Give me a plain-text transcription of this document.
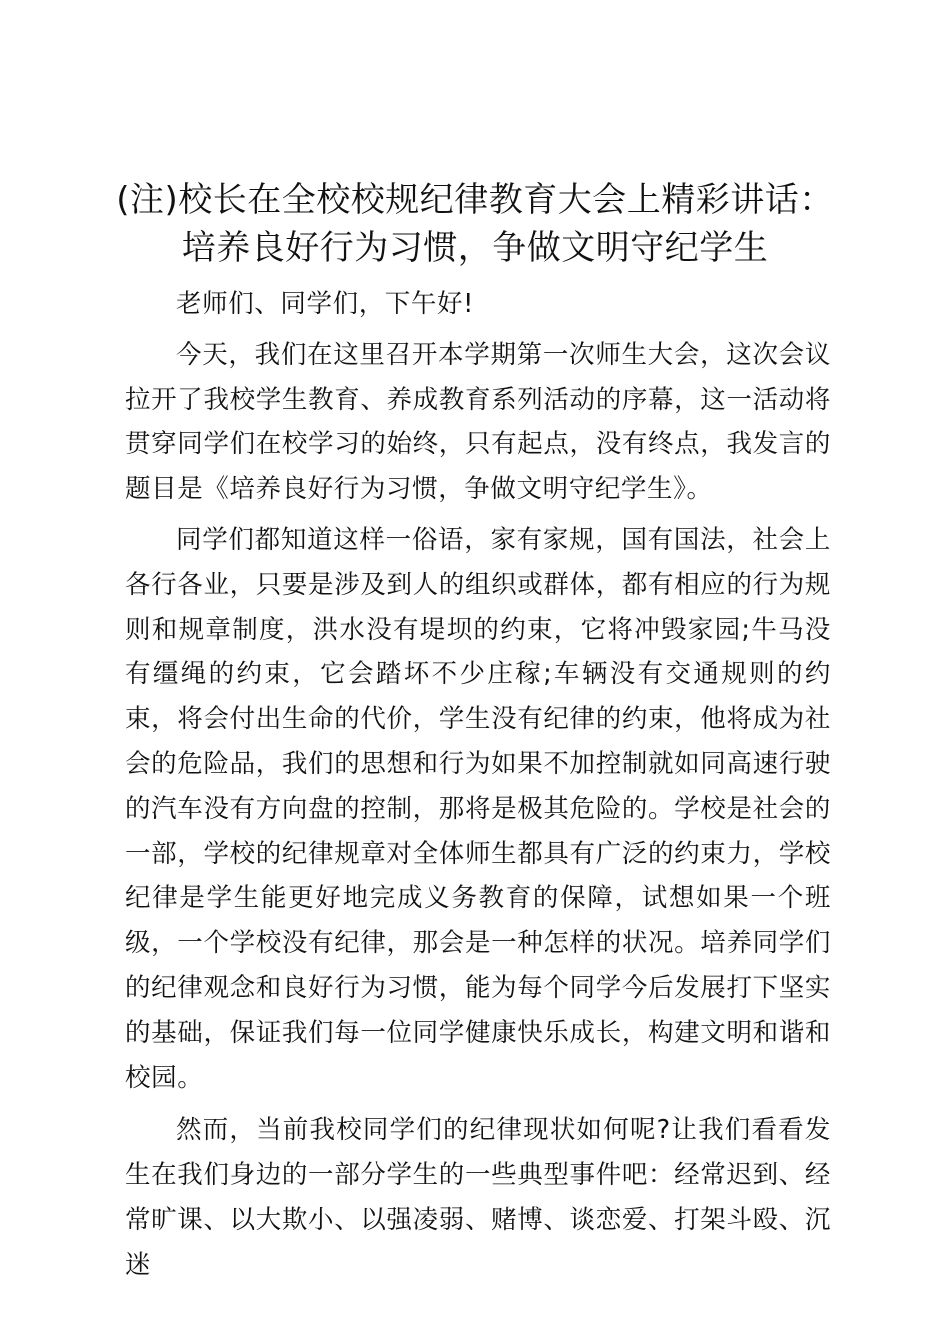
(注)校长在全校校规纪律教育大会上精彩讲话：
培养良好行为习惯，争做文明守纪学生

老师们、同学们，下午好!

今天，我们在这里召开本学期第一次师生大会，这次会议拉开了我校学生教育、养成教育系列活动的序幕，这一活动将贯穿同学们在校学习的始终，只有起点，没有终点，我发言的题目是《培养良好行为习惯，争做文明守纪学生》。

同学们都知道这样一俗语，家有家规，国有国法，社会上各行各业，只要是涉及到人的组织或群体，都有相应的行为规则和规章制度，洪水没有堤坝的约束，它将冲毁家园;牛马没有缰绳的约束，它会踏坏不少庄稼;车辆没有交通规则的约束，将会付出生命的代价，学生没有纪律的约束，他将成为社会的危险品，我们的思想和行为如果不加控制就如同高速行驶的汽车没有方向盘的控制，那将是极其危险的。学校是社会的一部，学校的纪律规章对全体师生都具有广泛的约束力，学校纪律是学生能更好地完成义务教育的保障，试想如果一个班级，一个学校没有纪律，那会是一种怎样的状况。培养同学们的纪律观念和良好行为习惯，能为每个同学今后发展打下坚实的基础，保证我们每一位同学健康快乐成长，构建文明和谐和校园。

然而，当前我校同学们的纪律现状如何呢?让我们看看发生在我们身边的一部分学生的一些典型事件吧：经常迟到、经常旷课、以大欺小、以强凌弱、赌博、谈恋爱、打架斗殴、沉迷
